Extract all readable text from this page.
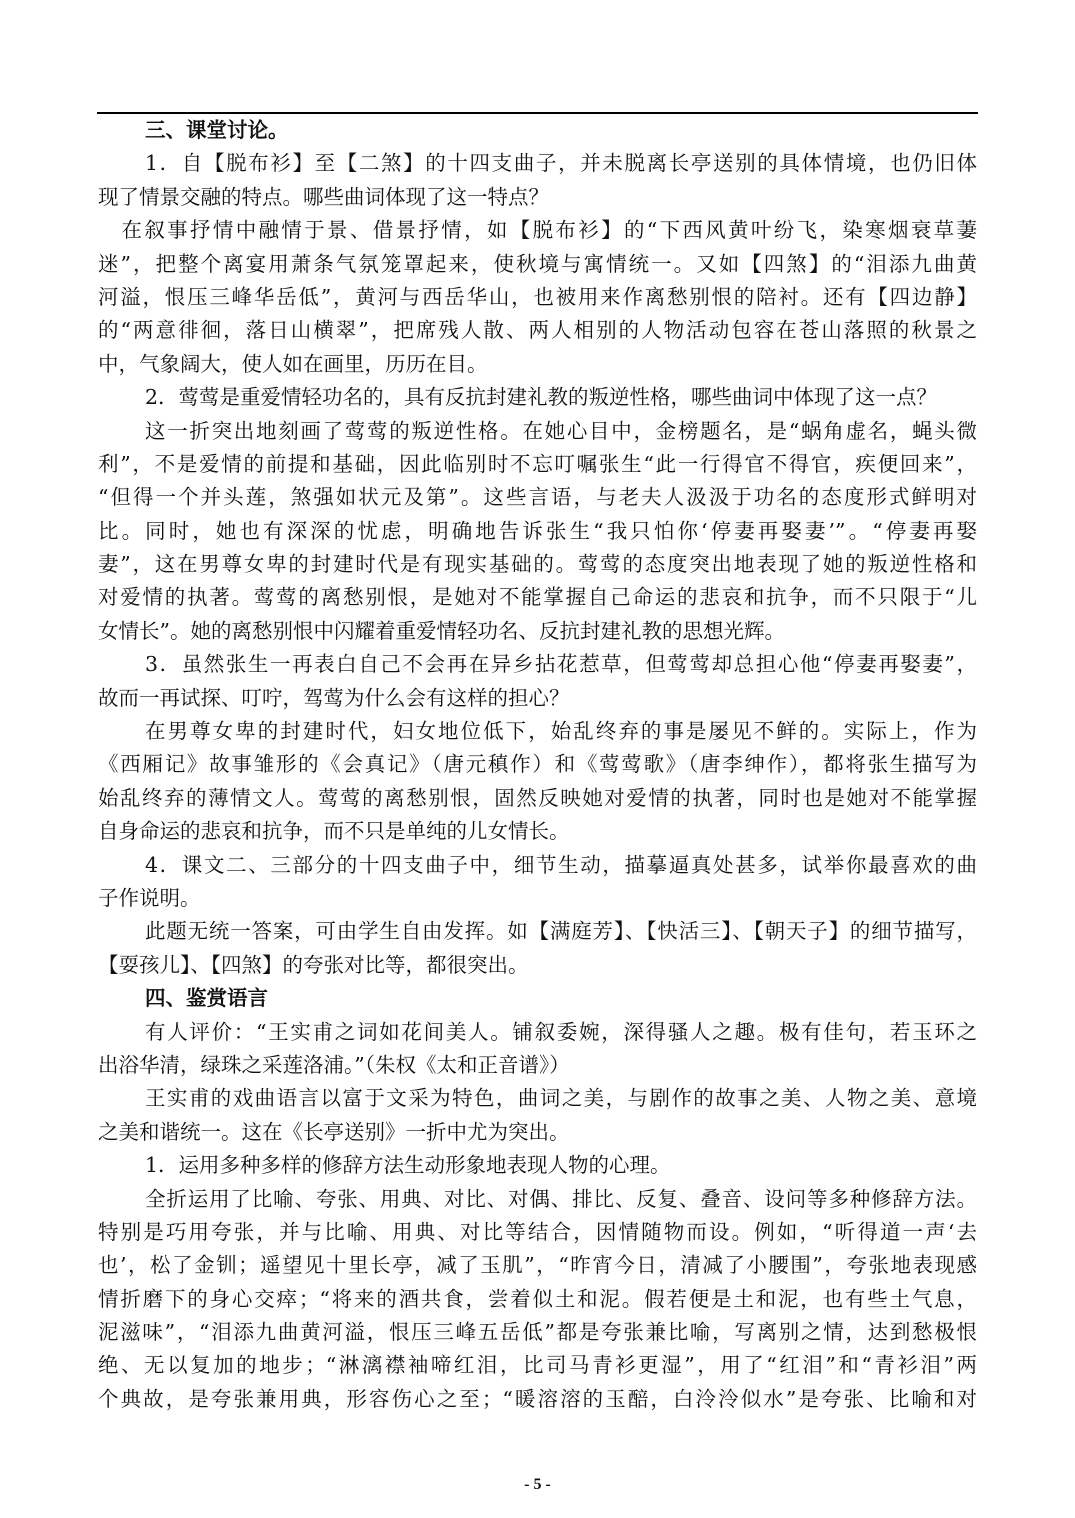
三、课堂讨论。
1．自【脱布衫】至【二煞】的十四支曲子，并未脱离长亭送别的具体情境，也仍旧体
现了情景交融的特点。哪些曲词体现了这一特点？
在叙事抒情中融情于景、借景抒情，如【脱布衫】的“下西风黄叶纷飞，染寒烟衰草萋
迷”，把整个离宴用萧条气氛笼罩起来，使秋境与寓情统一。又如【四煞】的“泪添九曲黄
河溢，恨压三峰华岳低”，黄河与西岳华山，也被用来作离愁别恨的陪衬。还有【四边静】
的“两意徘徊，落日山横翠”，把席残人散、两人相别的人物活动包容在苍山落照的秋景之
中，气象阔大，使人如在画里，历历在目。
2．莺莺是重爱情轻功名的，具有反抗封建礼教的叛逆性格，哪些曲词中体现了这一点？
这一折突出地刻画了莺莺的叛逆性格。在她心目中，金榜题名，是“蜗角虚名，蝇头微
利”，不是爱情的前提和基础，因此临别时不忘叮嘱张生“此一行得官不得官，疾便回来”，
“但得一个并头莲，煞强如状元及第”。这些言语，与老夫人汲汲于功名的态度形式鲜明对
比。同时，她也有深深的忧虑，明确地告诉张生“我只怕你‘停妻再娶妻’”。“停妻再娶
妻”，这在男尊女卑的封建时代是有现实基础的。莺莺的态度突出地表现了她的叛逆性格和
对爱情的执著。莺莺的离愁别恨，是她对不能掌握自己命运的悲哀和抗争，而不只限于“儿
女情长”。她的离愁别恨中闪耀着重爱情轻功名、反抗封建礼教的思想光辉。
3．虽然张生一再表白自己不会再在异乡拈花惹草，但莺莺却总担心他“停妻再娶妻”，
故而一再试探、叮咛，驾莺为什么会有这样的担心？
在男尊女卑的封建时代，妇女地位低下，始乱终弃的事是屡见不鲜的。实际上，作为
《西厢记》故事雏形的《会真记》（唐元稹作）和《莺莺歌》（唐李绅作），都将张生描写为
始乱终弃的薄情文人。莺莺的离愁别恨，固然反映她对爱情的执著，同时也是她对不能掌握
自身命运的悲哀和抗争，而不只是单纯的儿女情长。
4．课文二、三部分的十四支曲子中，细节生动，描摹逼真处甚多，试举你最喜欢的曲
子作说明。
此题无统一答案，可由学生自由发挥。如【满庭芳】、【快活三】、【朝天子】的细节描写，
【耍孩儿】、【四煞】的夸张对比等，都很突出。
四、鉴赏语言
有人评价：“王实甫之词如花间美人。铺叙委婉，深得骚人之趣。极有佳句，若玉环之
出浴华清，绿珠之采莲洛浦。”（朱权《太和正音谱》）
王实甫的戏曲语言以富于文采为特色，曲词之美，与剧作的故事之美、人物之美、意境
之美和谐统一。这在《长亭送别》一折中尤为突出。
1．运用多种多样的修辞方法生动形象地表现人物的心理。
全折运用了比喻、夸张、用典、对比、对偶、排比、反复、叠音、设问等多种修辞方法。
特别是巧用夸张，并与比喻、用典、对比等结合，因情随物而设。例如，“听得道一声‘去
也’，松了金钏；遥望见十里长亭，减了玉肌”，“昨宵今日，清减了小腰围”，夸张地表现感
情折磨下的身心交瘁；“将来的酒共食，尝着似土和泥。假若便是土和泥，也有些土气息，
泥滋味”，“泪添九曲黄河溢，恨压三峰五岳低”都是夸张兼比喻，写离别之情，达到愁极恨
绝、无以复加的地步；“淋漓襟袖啼红泪，比司马青衫更湿”，用了“红泪”和“青衫泪”两
个典故，是夸张兼用典，形容伤心之至；“暖溶溶的玉醅，白泠泠似水”是夸张、比喻和对
- 5 -
